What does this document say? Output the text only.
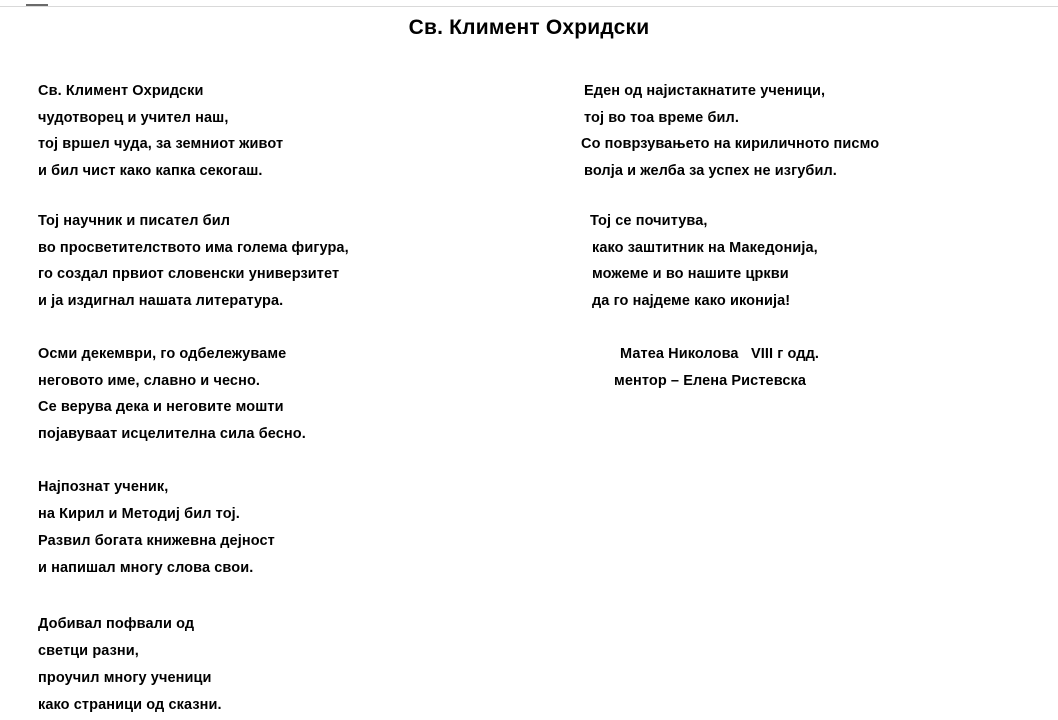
Св. Климент Охридски
Св. Климент Охридски
чудотворец и учител наш,
тој вршел чуда, за земниот живот
и бил чист како капка секогаш.
Тој научник и писател бил
во просветителството има голема фигура,
го создал првиот словенски универзитет
и ја издигнал нашата литература.
Осми декември, го одбележуваме
неговото име, славно и чесно.
Се верува дека и неговите мошти
појавуваат исцелителна сила бесно.
Најпознат ученик,
на Кирил и Методиј бил тој.
Развил богата книжевна дејност
и напишал многу слова свои.
Добивал пофвали од
светци разни,
проучил многу ученици
како страници од сказни.
Еден од најистакнатите ученици,
тој во тоа време бил.
Со поврзувањето на кириличното писмо
волја и желба за успех не изгубил.
Тој се почитува,
како заштитник на Македонија,
можеме и во нашите цркви
да го најдеме како иконија!
Матеа Николова   VIII г одд.
ментор – Елена Ристевска
